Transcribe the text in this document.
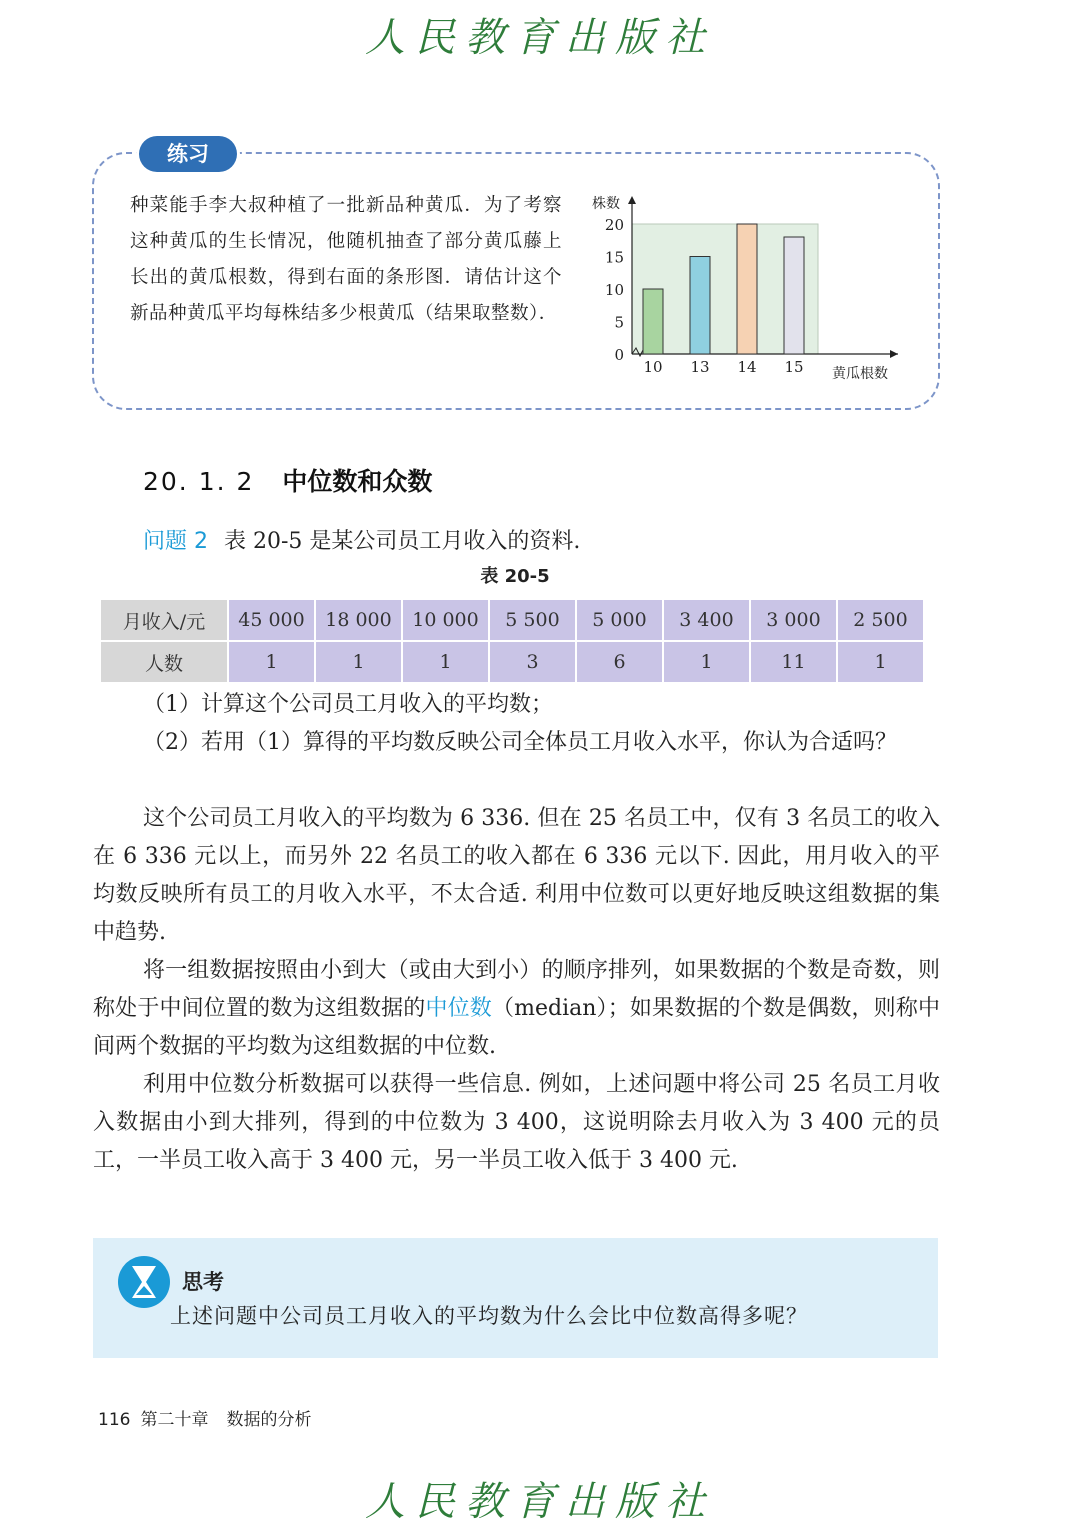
人民教育出版社
练习
种菜能手李大叔种植了一批新品种黄瓜．为了考察这种黄瓜的生长情况，他随机抽查了部分黄瓜藤上长出的黄瓜根数，得到右面的条形图．请估计这个新品种黄瓜平均每株结多少根黄瓜（结果取整数）．
0
5
10
15
20
株数
黄瓜根数
10 13 14 15
20. 1. 2 中位数和众数
问题 2 表 20-5 是某公司员工月收入的资料.
表 20-5
月收入/元	45 000	18 000	10 000	5 500	5 000	3 400	3 000	2 500
人数	1	1	1	3	6	1	11	1

（1）计算这个公司员工月收入的平均数；

（2）若用（1）算得的平均数反映公司全体员工月收入水平，你认为合适吗？

这个公司员工月收入的平均数为 6 336. 但在 25 名员工中，仅有 3 名员工的收入在 6 336 元以上，而另外 22 名员工的收入都在 6 336 元以下. 因此，用月收入的平均数反映所有员工的月收入水平，不太合适. 利用中位数可以更好地反映这组数据的集中趋势.

将一组数据按照由小到大（或由大到小）的顺序排列，如果数据的个数是奇数，则称处于中间位置的数为这组数据的中位数（median）；如果数据的个数是偶数，则称中间两个数据的平均数为这组数据的中位数.

利用中位数分析数据可以获得一些信息. 例如，上述问题中将公司 25 名员工月收入数据由小到大排列，得到的中位数为 3 400，这说明除去月收入为 3 400 元的员工，一半员工收入高于 3 400 元，另一半员工收入低于 3 400 元.

思考
上述问题中公司员工月收入的平均数为什么会比中位数高得多呢？
116 第二十章 数据的分析
人民教育出版社
